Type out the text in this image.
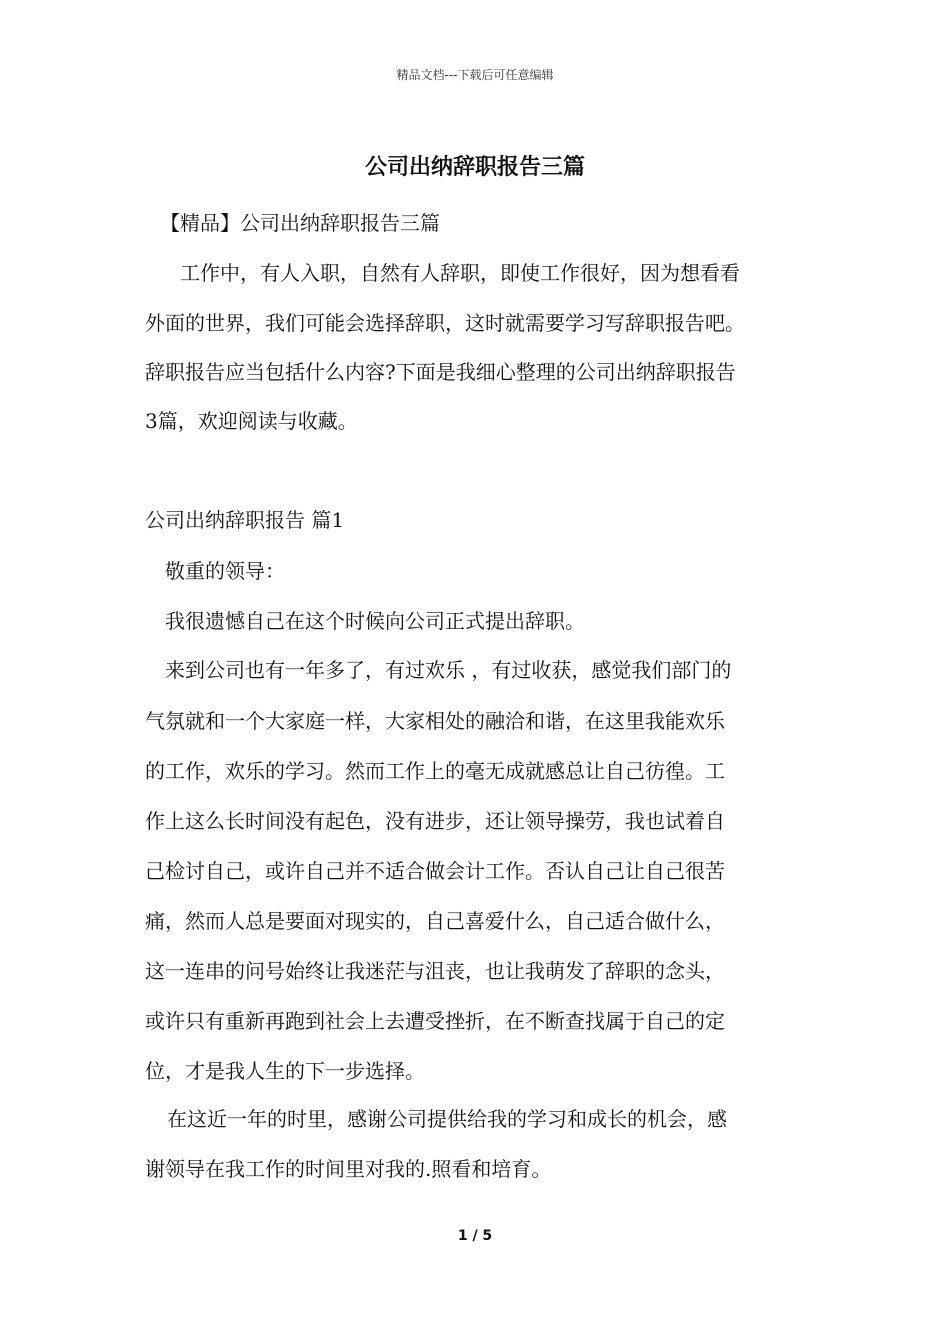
精品文档---下载后可任意编辑
公司出纳辞职报告三篇
【精品】公司出纳辞职报告三篇
工作中，有人入职，自然有人辞职，即使工作很好，因为想看看
外面的世界，我们可能会选择辞职，这时就需要学习写辞职报告吧。
辞职报告应当包括什么内容?下面是我细心整理的公司出纳辞职报告
3篇，欢迎阅读与收藏。
公司出纳辞职报告 篇1
敬重的领导：
我很遗憾自己在这个时候向公司正式提出辞职。
来到公司也有一年多了，有过欢乐 ，有过收获，感觉我们部门的
气氛就和一个大家庭一样，大家相处的融洽和谐，在这里我能欢乐
的工作，欢乐的学习。然而工作上的毫无成就感总让自己彷徨。工
作上这么长时间没有起色，没有进步，还让领导操劳，我也试着自
己检讨自己，或许自己并不适合做会计工作。否认自己让自己很苦
痛，然而人总是要面对现实的，自己喜爱什么，自己适合做什么，
这一连串的问号始终让我迷茫与沮丧，也让我萌发了辞职的念头，
或许只有重新再跑到社会上去遭受挫折，在不断查找属于自己的定
位，才是我人生的下一步选择。
在这近一年的时里，感谢公司提供给我的学习和成长的机会，感
谢领导在我工作的时间里对我的.照看和培育。
1 / 5
